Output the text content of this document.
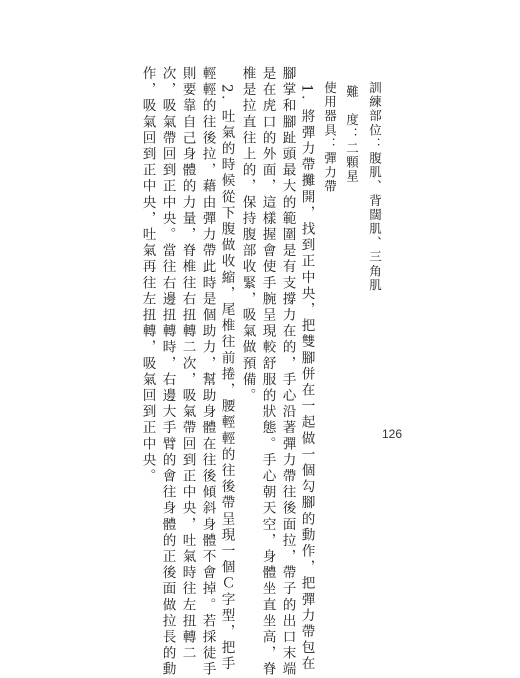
訓練部位：腹肌、背闊肌、三角肌
難　度：二顆星
使用器具：彈力帶
1. 將彈力帶攤開，找到正中央，把雙腳併在一起做一個勾腳的動作，把彈力帶包在
腳掌和腳趾頭最大的範圍是有支撐力在的，手心沿著彈力帶往後面拉，帶子的出口末端
是在虎口的外面，這樣握會使手腕呈現較舒服的狀態。手心朝天空，身體坐直坐高，脊
椎是拉直往上的，保持腹部收緊，吸氣做預備。
2. 吐氣的時候從下腹做收縮，尾椎往前捲，腰輕輕的往後帶呈現一個Ｃ字型，把手
輕輕的往後拉，藉由彈力帶此時是個助力，幫助身體在往後傾斜身體不會掉。若採徒手
則要靠自己身體的力量，脊椎往右扭轉二次，吸氣帶回到正中央，吐氣時往左扭轉二
次，吸氣帶回到正中央。當往右邊扭轉時，右邊大手臂的會往身體的正後面做拉長的動
作，吸氣回到正中央，吐氣再往左扭轉，吸氣回到正中央。	126
